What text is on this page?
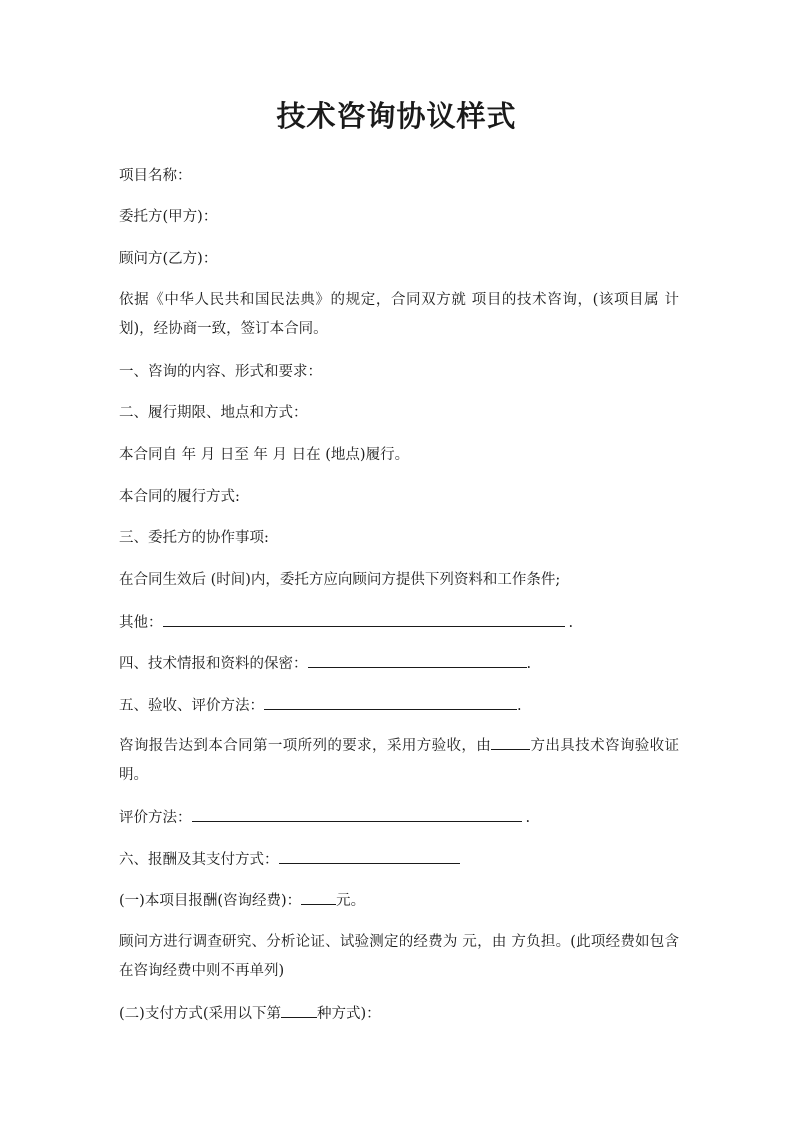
技术咨询协议样式
项目名称：
委托方(甲方)：
顾问方(乙方)：
依据《中华人民共和国民法典》的规定，合同双方就 项目的技术咨询，(该项目属 计划)，经协商一致，签订本合同。
一、咨询的内容、形式和要求：
二、履行期限、地点和方式：
本合同自 年 月 日至 年 月 日在 (地点)履行。
本合同的履行方式:
三、委托方的协作事项:
在合同生效后 (时间)内，委托方应向顾问方提供下列资料和工作条件;
其他：	.
四、技术情报和资料的保密：	.
五、验收、评价方法：	.
咨询报告达到本合同第一项所列的要求，采用方验收，由	方出具技术咨询验收证明。
评价方法：	.
六、报酬及其支付方式：
(一)本项目报酬(咨询经费)： 元。
顾问方进行调查研究、分析论证、试验测定的经费为 元，由 方负担。(此项经费如包含在咨询经费中则不再单列)
(二)支付方式(采用以下第 种方式)：
